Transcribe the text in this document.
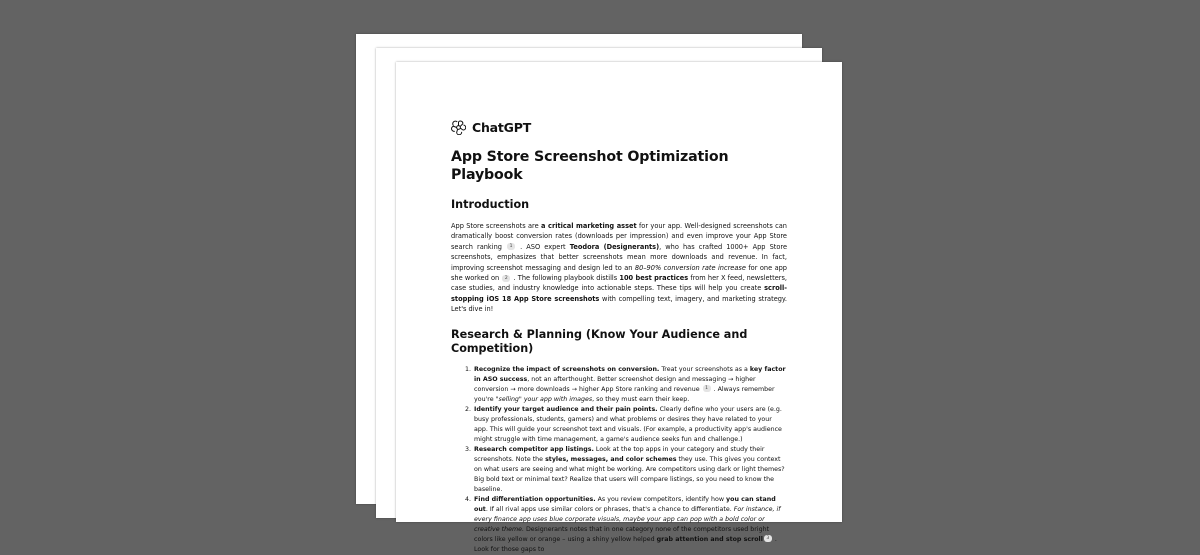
ChatGPT
App Store Screenshot Optimization Playbook
Introduction

App Store screenshots are a critical marketing asset for your app. Well-designed screenshots can dramatically boost conversion rates (downloads per impression) and even improve your App Store search ranking 1 . ASO expert Teodora (Designerants), who has crafted 1000+ App Store screenshots, emphasizes that better screenshots mean more downloads and revenue. In fact, improving screenshot messaging and design led to an 80–90% conversion rate increase for one app she worked on 2 . The following playbook distills 100 best practices from her X feed, newsletters, case studies, and industry knowledge into actionable steps. These tips will help you create scroll-stopping iOS 18 App Store screenshots with compelling text, imagery, and marketing strategy. Let's dive in!

Research & Planning (Know Your Audience and Competition)
1. Recognize the impact of screenshots on conversion. Treat your screenshots as a key factor in ASO success, not an afterthought. Better screenshot design and messaging → higher conversion → more downloads → higher App Store ranking and revenue 1 . Always remember you're "selling" your app with images, so they must earn their keep.
2. Identify your target audience and their pain points. Clearly define who your users are (e.g. busy professionals, students, gamers) and what problems or desires they have related to your app. This will guide your screenshot text and visuals. (For example, a productivity app's audience might struggle with time management, a game's audience seeks fun and challenge.)
3. Research competitor app listings. Look at the top apps in your category and study their screenshots. Note the styles, messages, and color schemes they use. This gives you context on what users are seeing and what might be working. Are competitors using dark or light themes? Big bold text or minimal text? Realize that users will compare listings, so you need to know the baseline.
4. Find differentiation opportunities. As you review competitors, identify how you can stand out. If all rival apps use similar colors or phrases, that's a chance to differentiate. For instance, if every finance app uses blue corporate visuals, maybe your app can pop with a bold color or creative theme. Designerants notes that in one category none of the competitors used bright colors like yellow or orange – using a shiny yellow helped grab attention and stop scroll 3 . Look for those gaps to
